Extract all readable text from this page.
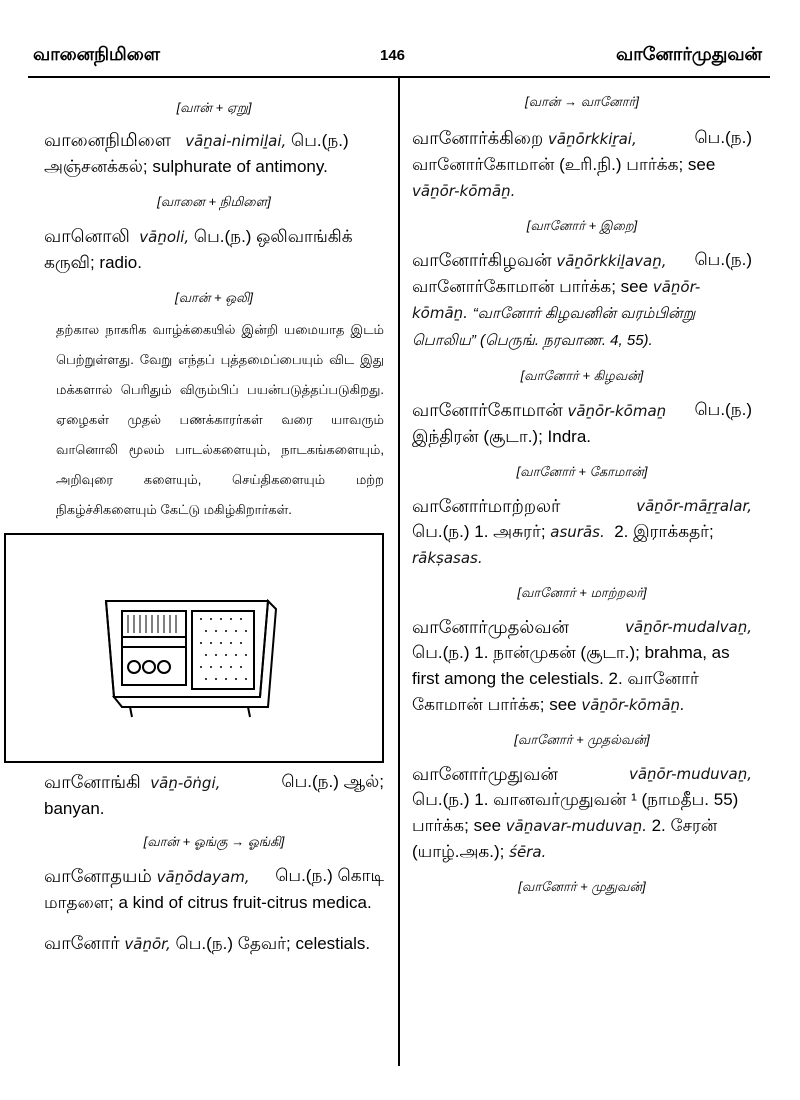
வானைநிமிளை	146	வானோர்முதுவன்

[வான் + ஏறு]

வானைநிமிளை vāṉai-nimiḻai, பெ.(ந.)
அஞ்சனக்கல்; sulphurate of antimony.

[வானை + நிமிளை]

வானொலி vāṉoli, பெ.(ந.) ஒலிவாங்கிக்
கருவி; radio.

[வான் + ஒலி]

தற்கால நாகரிக வாழ்க்கையில் இன்றி யமையாத இடம் பெற்றுள்ளது. வேறு எந்தப் புத்தமைப்பையும் விட இது மக்களால் பெரிதும் விரும்பிப் பயன்படுத்தப்படுகிறது. ஏழைகள் முதல் பணக்காரர்கள் வரை யாவரும் வானொலி மூலம் பாடல்களையும், நாடகங்களையும், அறிவுரை களையும், செய்திகளையும் மற்ற நிகழ்ச்சிகளையும் கேட்டு மகிழ்கிறார்கள்.

வானோங்கி vāṉ-ōṅgi,	பெ.(ந.) ஆல்;
banyan.

[வான் + ஓங்கு → ஓங்கி]

வானோதயம் vāṉōdayam, பெ.(ந.) கொடி
மாதளை; a kind of citrus fruit-citrus medica.

வானோர் vāṉōr, பெ.(ந.) தேவர்; celestials.

[வான் → வானோர்]

வானோர்க்கிறை vāṉōrkkiṟai,	பெ.(ந.)
வானோர்கோமான் (உரி.நி.) பார்க்க; see
vāṉōr-kōmāṉ.

[வானோர் + இறை]

வானோர்கிழவன் vāṉōrkkiḻavaṉ, பெ.(ந.)
வானோர்கோமான் பார்க்க; see vāṉōr-kōmāṉ. “வானோர் கிழவனின் வரம்பின்று பொலிய” (பெருங். நரவாண. 4, 55).

[வானோர் + கிழவன்]

வானோர்கோமான் vāṉōr-kōmaṉ பெ.(ந.)
இந்திரன் (சூடா.); Indra.

[வானோர் + கோமான்]

வானோர்மாற்றலர்	vāṉōr-māṟṟalar,
பெ.(ந.) 1. அசுரர்; asurās. 2. இராக்கதர்;
rākṣasas.

[வானோர் + மாற்றலர்]

வானோர்முதல்வன்	vāṉōr-mudalvaṉ,
பெ.(ந.) 1. நான்முகன் (சூடா.); brahma, as first among the celestials. 2. வானோர் கோமான் பார்க்க; see vāṉōr-kōmāṉ.

[வானோர் + முதல்வன்]

வானோர்முதுவன்	vāṉōr-muduvaṉ,
பெ.(ந.) 1. வானவர்முதுவன் ¹ (நாமதீப. 55) பார்க்க; see vāṉavar-muduvaṉ. 2. சேரன் (யாழ்.அக.); śēra.

[வானோர் + முதுவன்]
